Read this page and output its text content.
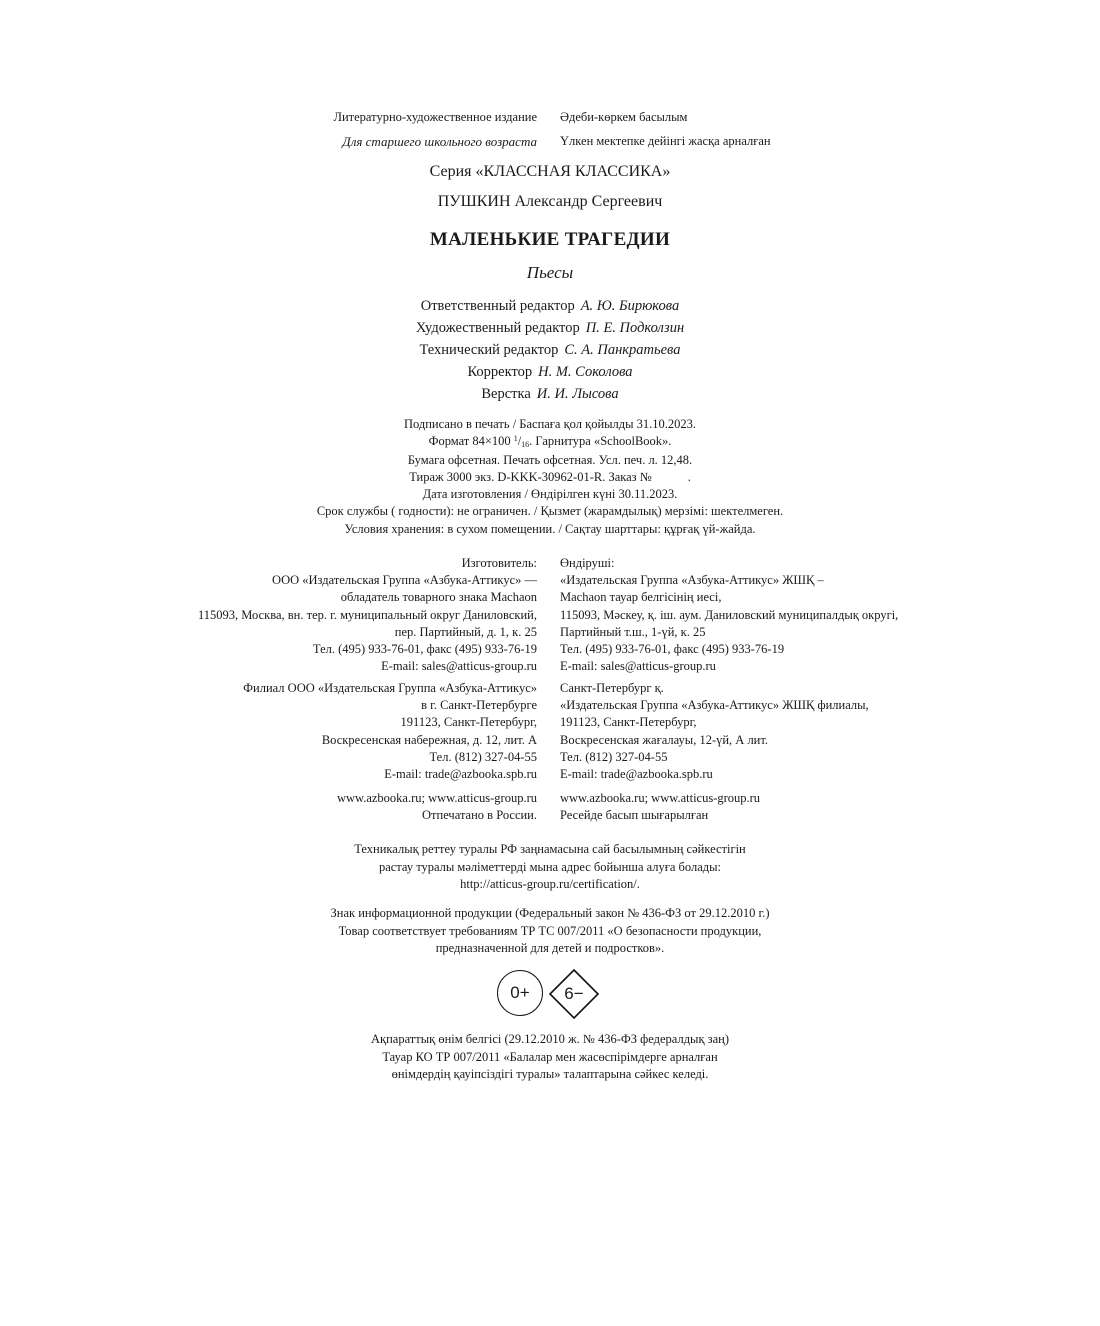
Литературно-художественное издание Әдеби-көркем басылым
Для старшего школьного возраста Үлкен мектепке дейінгі жасқа арналған
Серия «КЛАССНАЯ КЛАССИКА»
ПУШКИН Александр Сергеевич
МАЛЕНЬКИЕ ТРАГЕДИИ
Пьесы
Ответственный редактор А. Ю. Бирюкова
Художественный редактор П. Е. Подколзин
Технический редактор С. А. Панкратьева
Корректор Н. М. Соколова
Верстка И. И. Лысова
Подписано в печать / Баспаға қол қойылды 31.10.2023.
Формат 84×100 $^1$/16. Гарнитура «SchoolBook».
Бумага офсетная. Печать офсетная. Усл. печ. л. 12,48.
Тираж 3000 экз. D-KKK-30962-01-R. Заказ №	.
Дата изготовления / Өндірілген күні 30.11.2023.
Срок службы ( годности): не ограничен. / Қызмет (жарамдылық) мерзімі: шектелмеген.
Условия хранения: в сухом помещении. / Сақтау шарттары: құрғақ үй-жайда.
Изготовитель:
ООО «Издательская Группа «Азбука-Аттикус» —
обладатель товарного знака Machaon
115093, Москва, вн. тер. г. муниципальный округ Даниловский,
пер. Партийный, д. 1, к. 25
Тел. (495) 933-76-01, факс (495) 933-76-19
E-mail: sales@atticus-group.ru
Өндіруші:
«Издательская Группа «Азбука-Аттикус» ЖШҚ –
Machaon тауар белгісінің иесі,
115093, Мәскеу, қ. іш. аум. Даниловский муниципалдық округі,
Партийный т.ш., 1-үй, к. 25
Тел. (495) 933-76-01, факс (495) 933-76-19
E-mail: sales@atticus-group.ru
Филиал ООО «Издательская Группа «Азбука-Аттикус»
в г. Санкт-Петербурге
191123, Санкт-Петербург,
Воскресенская набережная, д. 12, лит. А
Тел. (812) 327-04-55
E-mail: trade@azbooka.spb.ru
Санкт-Петербург қ.
«Издательская Группа «Азбука-Аттикус» ЖШҚ филиалы,
191123, Санкт-Петербург,
Воскресенская жағалауы, 12-үй, А лит.
Тел. (812) 327-04-55
E-mail: trade@azbooka.spb.ru
www.azbooka.ru; www.atticus-group.ru
Отпечатано в России.
www.azbooka.ru; www.atticus-group.ru
Ресейде басып шығарылған
Техникалық реттеу туралы РФ заңнамасына сай басылымның сәйкестігін
растау туралы мәліметтерді мына адрес бойынша алуға болады:
http://atticus-group.ru/certification/.
Знак информационной продукции (Федеральный закон № 436-ФЗ от 29.12.2010 г.)
Товар соответствует требованиям ТР ТС 007/2011 «О безопасности продукции,
предназначенной для детей и подростков».
0+	6−
Ақпараттық өнім белгісі (29.12.2010 ж. № 436-ФЗ федералдық заң)
Тауар КО ТР 007/2011 «Балалар мен жасөспірімдерге арналған
өнімдердің қауіпсіздігі туралы» талаптарына сәйкес келеді.
